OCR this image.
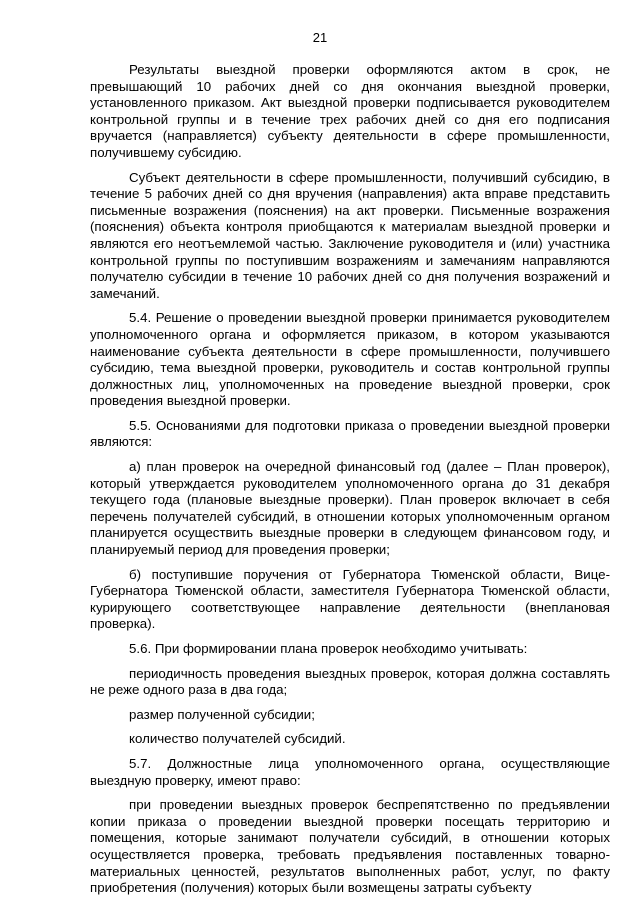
21

Результаты выездной проверки оформляются актом в срок, не превышающий 10 рабочих дней со дня окончания выездной проверки, установленного приказом. Акт выездной проверки подписывается руководителем контрольной группы и в течение трех рабочих дней со дня его подписания вручается (направляется) субъекту деятельности в сфере промышленности, получившему субсидию.

Субъект деятельности в сфере промышленности, получивший субсидию, в течение 5 рабочих дней со дня вручения (направления) акта вправе представить письменные возражения (пояснения) на акт проверки. Письменные возражения (пояснения) объекта контроля приобщаются к материалам выездной проверки и являются его неотъемлемой частью. Заключение руководителя и (или) участника контрольной группы по поступившим возражениям и замечаниям направляются получателю субсидии в течение 10 рабочих дней со дня получения возражений и замечаний.

5.4. Решение о проведении выездной проверки принимается руководителем уполномоченного органа и оформляется приказом, в котором указываются наименование субъекта деятельности в сфере промышленности, получившего субсидию, тема выездной проверки, руководитель и состав контрольной группы должностных лиц, уполномоченных на проведение выездной проверки, срок проведения выездной проверки.

5.5. Основаниями для подготовки приказа о проведении выездной проверки являются:

а) план проверок на очередной финансовый год (далее – План проверок), который утверждается руководителем уполномоченного органа до 31 декабря текущего года (плановые выездные проверки). План проверок включает в себя перечень получателей субсидий, в отношении которых уполномоченным органом планируется осуществить выездные проверки в следующем финансовом году, и планируемый период для проведения проверки;

б) поступившие поручения от Губернатора Тюменской области, Вице-Губернатора Тюменской области, заместителя Губернатора Тюменской области, курирующего соответствующее направление деятельности (внеплановая проверка).

5.6. При формировании плана проверок необходимо учитывать:

периодичность проведения выездных проверок, которая должна составлять не реже одного раза в два года;

размер полученной субсидии;

количество получателей субсидий.

5.7. Должностные лица уполномоченного органа, осуществляющие выездную проверку, имеют право:

при проведении выездных проверок беспрепятственно по предъявлении копии приказа о проведении выездной проверки посещать территорию и помещения, которые занимают получатели субсидий, в отношении которых осуществляется проверка, требовать предъявления поставленных товарно-материальных ценностей, результатов выполненных работ, услуг, по факту приобретения (получения) которых были возмещены затраты субъекту
